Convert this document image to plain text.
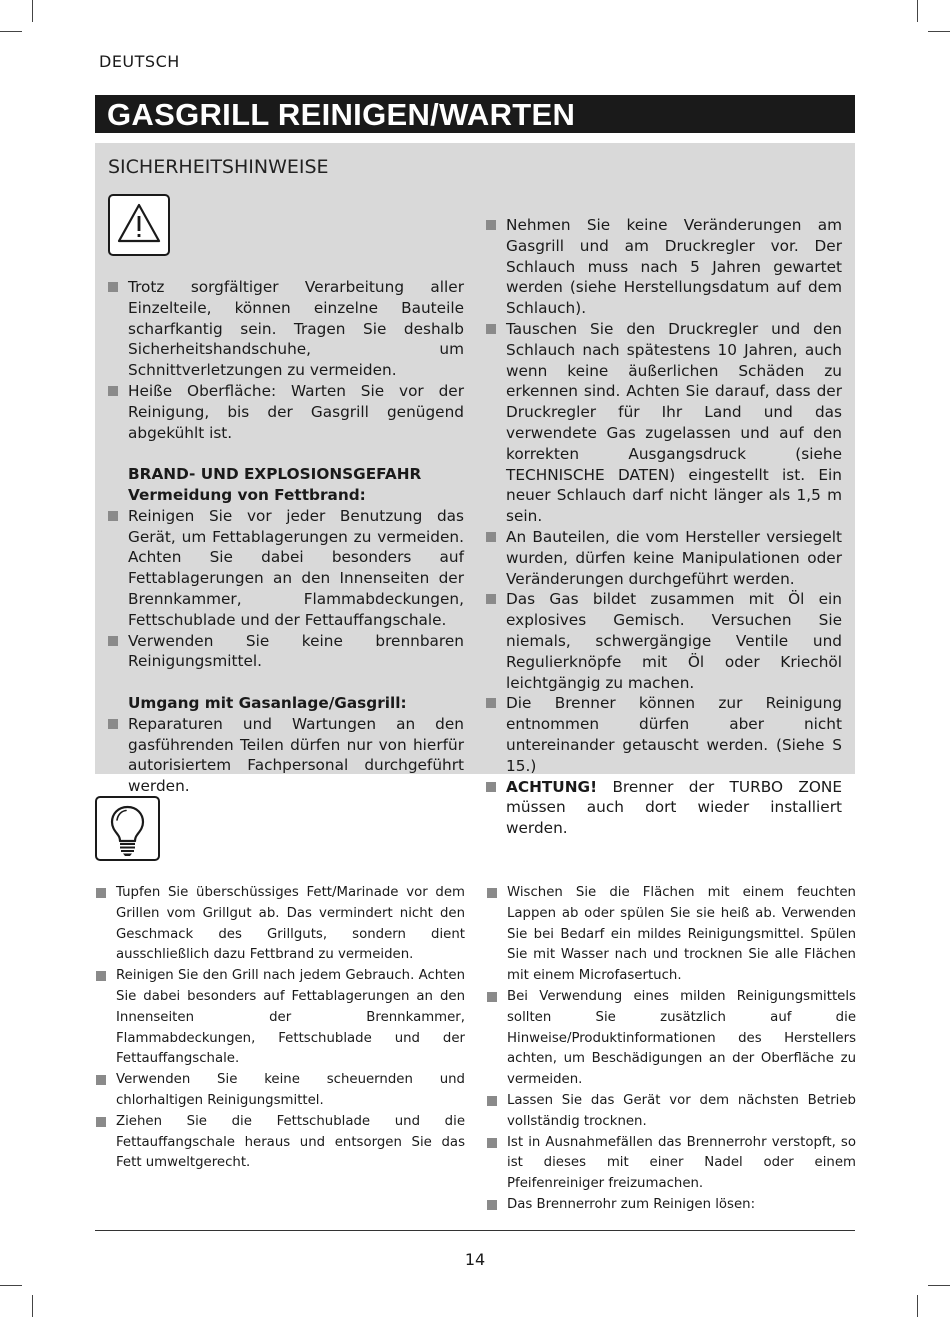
DEUTSCH
GASGRILL REINIGEN/WARTEN
SICHERHEITSHINWEISE
Trotz sorgfältiger Verarbeitung aller Einzelteile, können einzelne Bauteile scharfkantig sein. Tragen Sie deshalb Sicherheitshandschuhe, um Schnittverletzungen zu vermeiden.
Heiße Oberfläche: Warten Sie vor der Reinigung, bis der Gasgrill genügend abgekühlt ist.
BRAND- UND EXPLOSIONSGEFAHR
Vermeidung von Fettbrand:
Reinigen Sie vor jeder Benutzung das Gerät, um Fettablagerungen zu vermeiden. Achten Sie dabei besonders auf Fettablagerungen an den Innenseiten der Brennkammer, Flammabdeckungen, Fettschublade und der Fettauffangschale.
Verwenden Sie keine brennbaren Reinigungsmittel.
Umgang mit Gasanlage/Gasgrill:
Reparaturen und Wartungen an den gasführenden Teilen dürfen nur von hierfür autorisiertem Fachpersonal durchgeführt werden.
Nehmen Sie keine Veränderungen am Gasgrill und am Druckregler vor. Der Schlauch muss nach 5 Jahren gewartet werden (siehe Herstellungsdatum auf dem Schlauch).
Tauschen Sie den Druckregler und den Schlauch nach spätestens 10 Jahren, auch wenn keine äußerlichen Schäden zu erkennen sind. Achten Sie darauf, dass der Druckregler für Ihr Land und das verwendete Gas zugelassen und auf den korrekten Ausgangsdruck (siehe TECHNISCHE DATEN) eingestellt ist. Ein neuer Schlauch darf nicht länger als 1,5 m sein.
An Bauteilen, die vom Hersteller versiegelt wurden, dürfen keine Manipulationen oder Veränderungen durchgeführt werden.
Das Gas bildet zusammen mit Öl ein explosives Gemisch. Versuchen Sie niemals, schwergängige Ventile und Regulierknöpfe mit Öl oder Kriechöl leichtgängig zu machen.
Die Brenner können zur Reinigung entnommen dürfen aber nicht untereinander getauscht werden. (Siehe S 15.)
ACHTUNG! Brenner der TURBO ZONE müssen auch dort wieder installiert werden.
Tupfen Sie überschüssiges Fett/Marinade vor dem Grillen vom Grillgut ab. Das vermindert nicht den Geschmack des Grillguts, sondern dient ausschließlich dazu Fettbrand zu vermeiden.
Reinigen Sie den Grill nach jedem Gebrauch. Achten Sie dabei besonders auf Fettablagerungen an den Innenseiten der Brennkammer, Flammabdeckungen, Fettschublade und der Fettauffangschale.
Verwenden Sie keine scheuernden und chlorhaltigen Reinigungsmittel.
Ziehen Sie die Fettschublade und die Fettauffangschale heraus und entsorgen Sie das Fett umweltgerecht.
Wischen Sie die Flächen mit einem feuchten Lappen ab oder spülen Sie sie heiß ab. Verwenden Sie bei Bedarf ein mildes Reinigungsmittel. Spülen Sie mit Wasser nach und trocknen Sie alle Flächen mit einem Microfasertuch.
Bei Verwendung eines milden Reinigungsmittels sollten Sie zusätzlich auf die Hinweise/Produktinformationen des Herstellers achten, um Beschädigungen an der Oberfläche zu vermeiden.
Lassen Sie das Gerät vor dem nächsten Betrieb vollständig trocknen.
Ist in Ausnahmefällen das Brennerrohr verstopft, so ist dieses mit einer Nadel oder einem Pfeifenreiniger freizumachen.
Das Brennerrohr zum Reinigen lösen:
14
